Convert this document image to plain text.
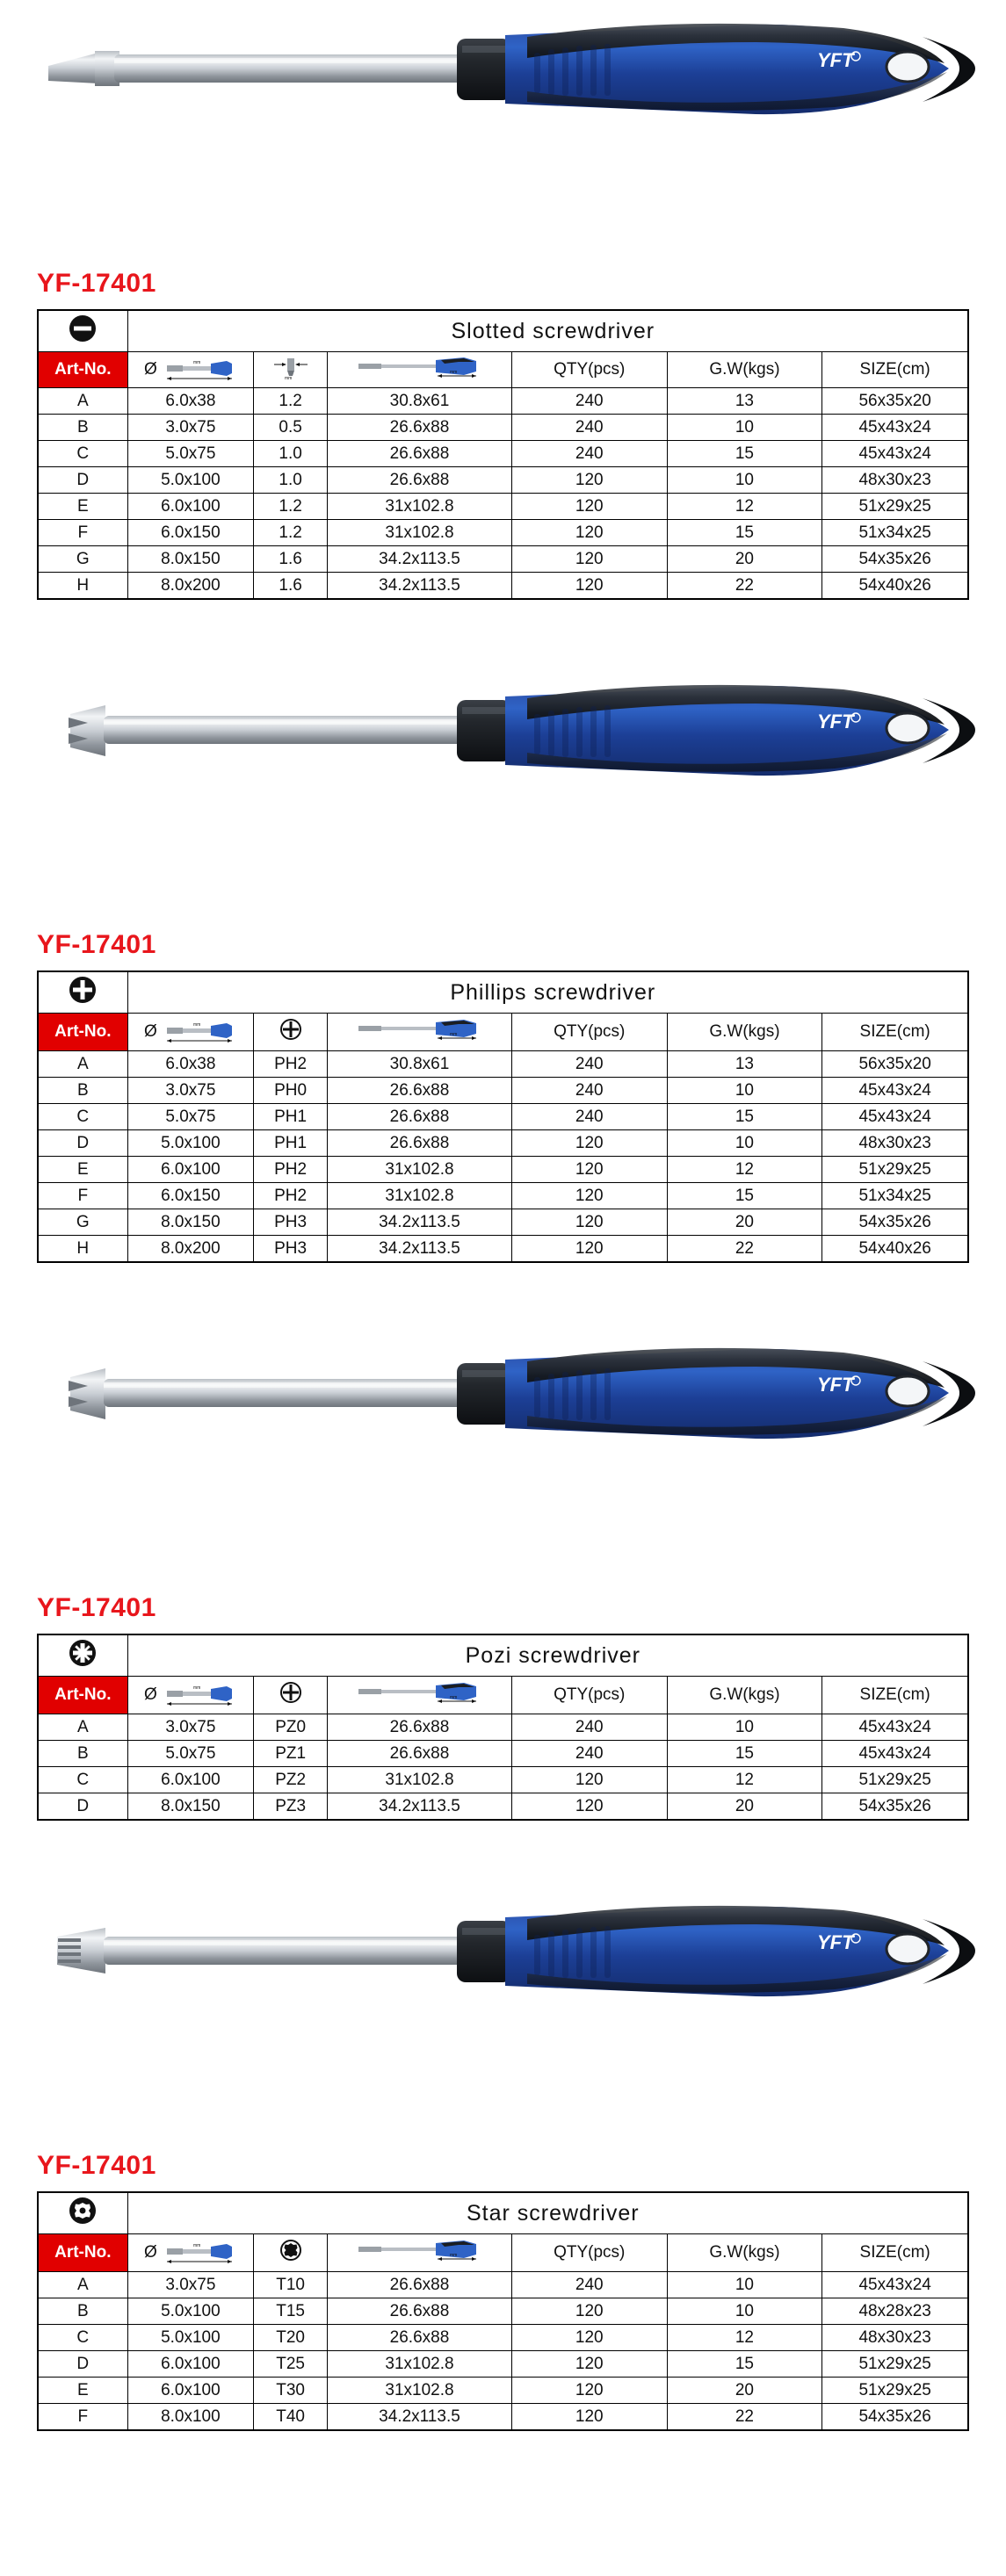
YFT
YF-17401
	Slotted screwdriver					
Art-No.	Ø mm	mm	mm	QTY(pcs)	G.W(kgs)	SIZE(cm)
A	6.0x38	1.2	30.8x61	240	13	56x35x20
B	3.0x75	0.5	26.6x88	240	10	45x43x24
C	5.0x75	1.0	26.6x88	240	15	45x43x24
D	5.0x100	1.0	26.6x88	120	10	48x30x23
E	6.0x100	1.2	31x102.8	120	12	51x29x25
F	6.0x150	1.2	31x102.8	120	15	51x34x25
G	8.0x150	1.6	34.2x113.5	120	20	54x35x26
H	8.0x200	1.6	34.2x113.5	120	22	54x40x26
YFT
YF-17401
	Phillips screwdriver					
Art-No.	Ø mm		mm	QTY(pcs)	G.W(kgs)	SIZE(cm)
A	6.0x38	PH2	30.8x61	240	13	56x35x20
B	3.0x75	PH0	26.6x88	240	10	45x43x24
C	5.0x75	PH1	26.6x88	240	15	45x43x24
D	5.0x100	PH1	26.6x88	120	10	48x30x23
E	6.0x100	PH2	31x102.8	120	12	51x29x25
F	6.0x150	PH2	31x102.8	120	15	51x34x25
G	8.0x150	PH3	34.2x113.5	120	20	54x35x26
H	8.0x200	PH3	34.2x113.5	120	22	54x40x26
YFT
YF-17401
	Pozi screwdriver					
Art-No.	Ø mm		mm	QTY(pcs)	G.W(kgs)	SIZE(cm)
A	3.0x75	PZ0	26.6x88	240	10	45x43x24
B	5.0x75	PZ1	26.6x88	240	15	45x43x24
C	6.0x100	PZ2	31x102.8	120	12	51x29x25
D	8.0x150	PZ3	34.2x113.5	120	20	54x35x26
YFT
YF-17401
	Star screwdriver					
Art-No.	Ø mm		mm	QTY(pcs)	G.W(kgs)	SIZE(cm)
A	3.0x75	T10	26.6x88	240	10	45x43x24
B	5.0x100	T15	26.6x88	120	10	48x28x23
C	5.0x100	T20	26.6x88	120	12	48x30x23
D	6.0x100	T25	31x102.8	120	15	51x29x25
E	6.0x100	T30	31x102.8	120	20	51x29x25
F	8.0x100	T40	34.2x113.5	120	22	54x35x26
